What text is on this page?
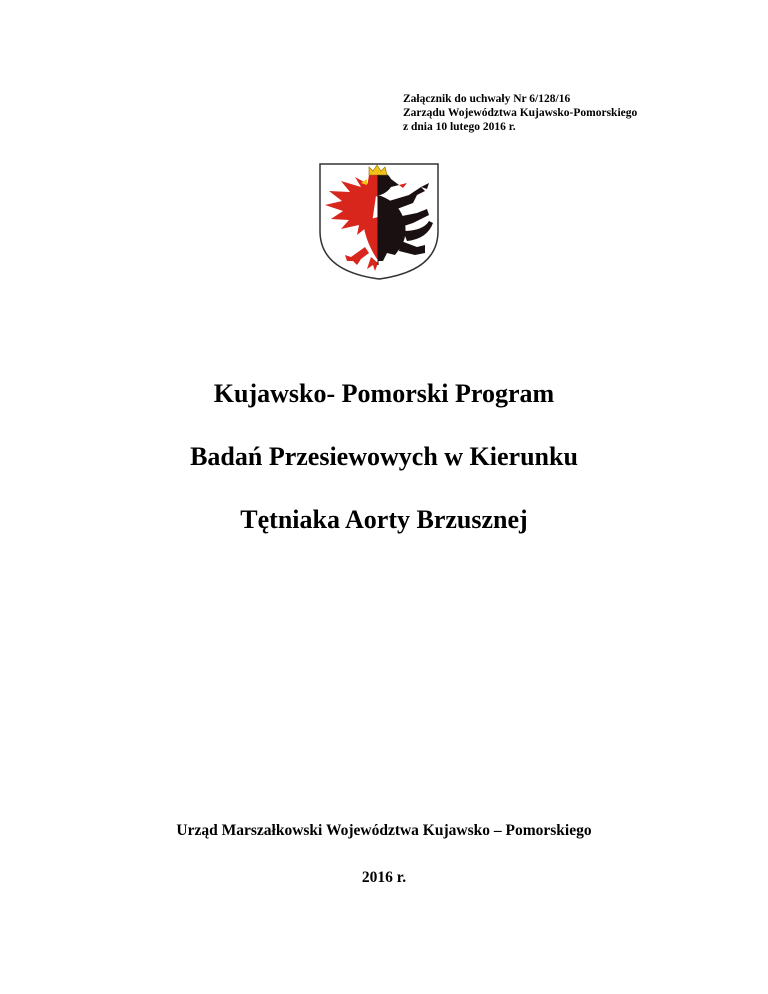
Załącznik do uchwały Nr 6/128/16
Zarządu Województwa Kujawsko-Pomorskiego
z dnia 10 lutego 2016 r.
Kujawsko- Pomorski Program
Badań Przesiewowych w Kierunku
Tętniaka Aorty Brzusznej
Urząd Marszałkowski Województwa Kujawsko – Pomorskiego
2016 r.
